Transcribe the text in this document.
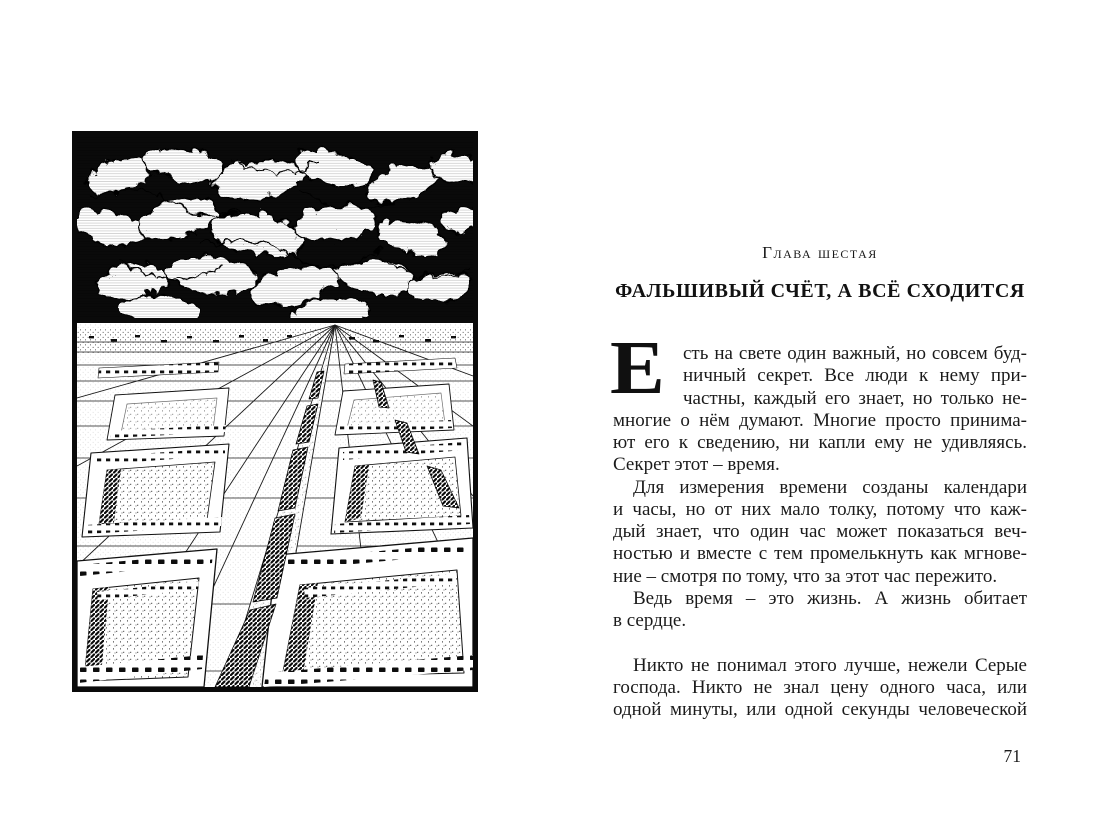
Глава шестая
ФАЛЬШИВЫЙ СЧЁТ, А ВСЁ СХОДИТСЯ
Е сть на свете один важный, но совсем буд-
ничный секрет. Все люди к нему при-
частны, каждый его знает, но только не-
многие о нём думают. Многие просто принима-
ют его к сведению, ни капли ему не удивляясь.
Секрет этот – время.
Для измерения времени созданы календари
и часы, но от них мало толку, потому что каж-
дый знает, что один час может показаться веч-
ностью и вместе с тем промелькнуть как мгнове-
ние – смотря по тому, что за этот час пережито.
Ведь время – это жизнь. А жизнь обитает
в сердце.
Никто не понимал этого лучше, нежели Серые
господа. Никто не знал цену одного часа, или
одной минуты, или одной секунды человеческой
71
